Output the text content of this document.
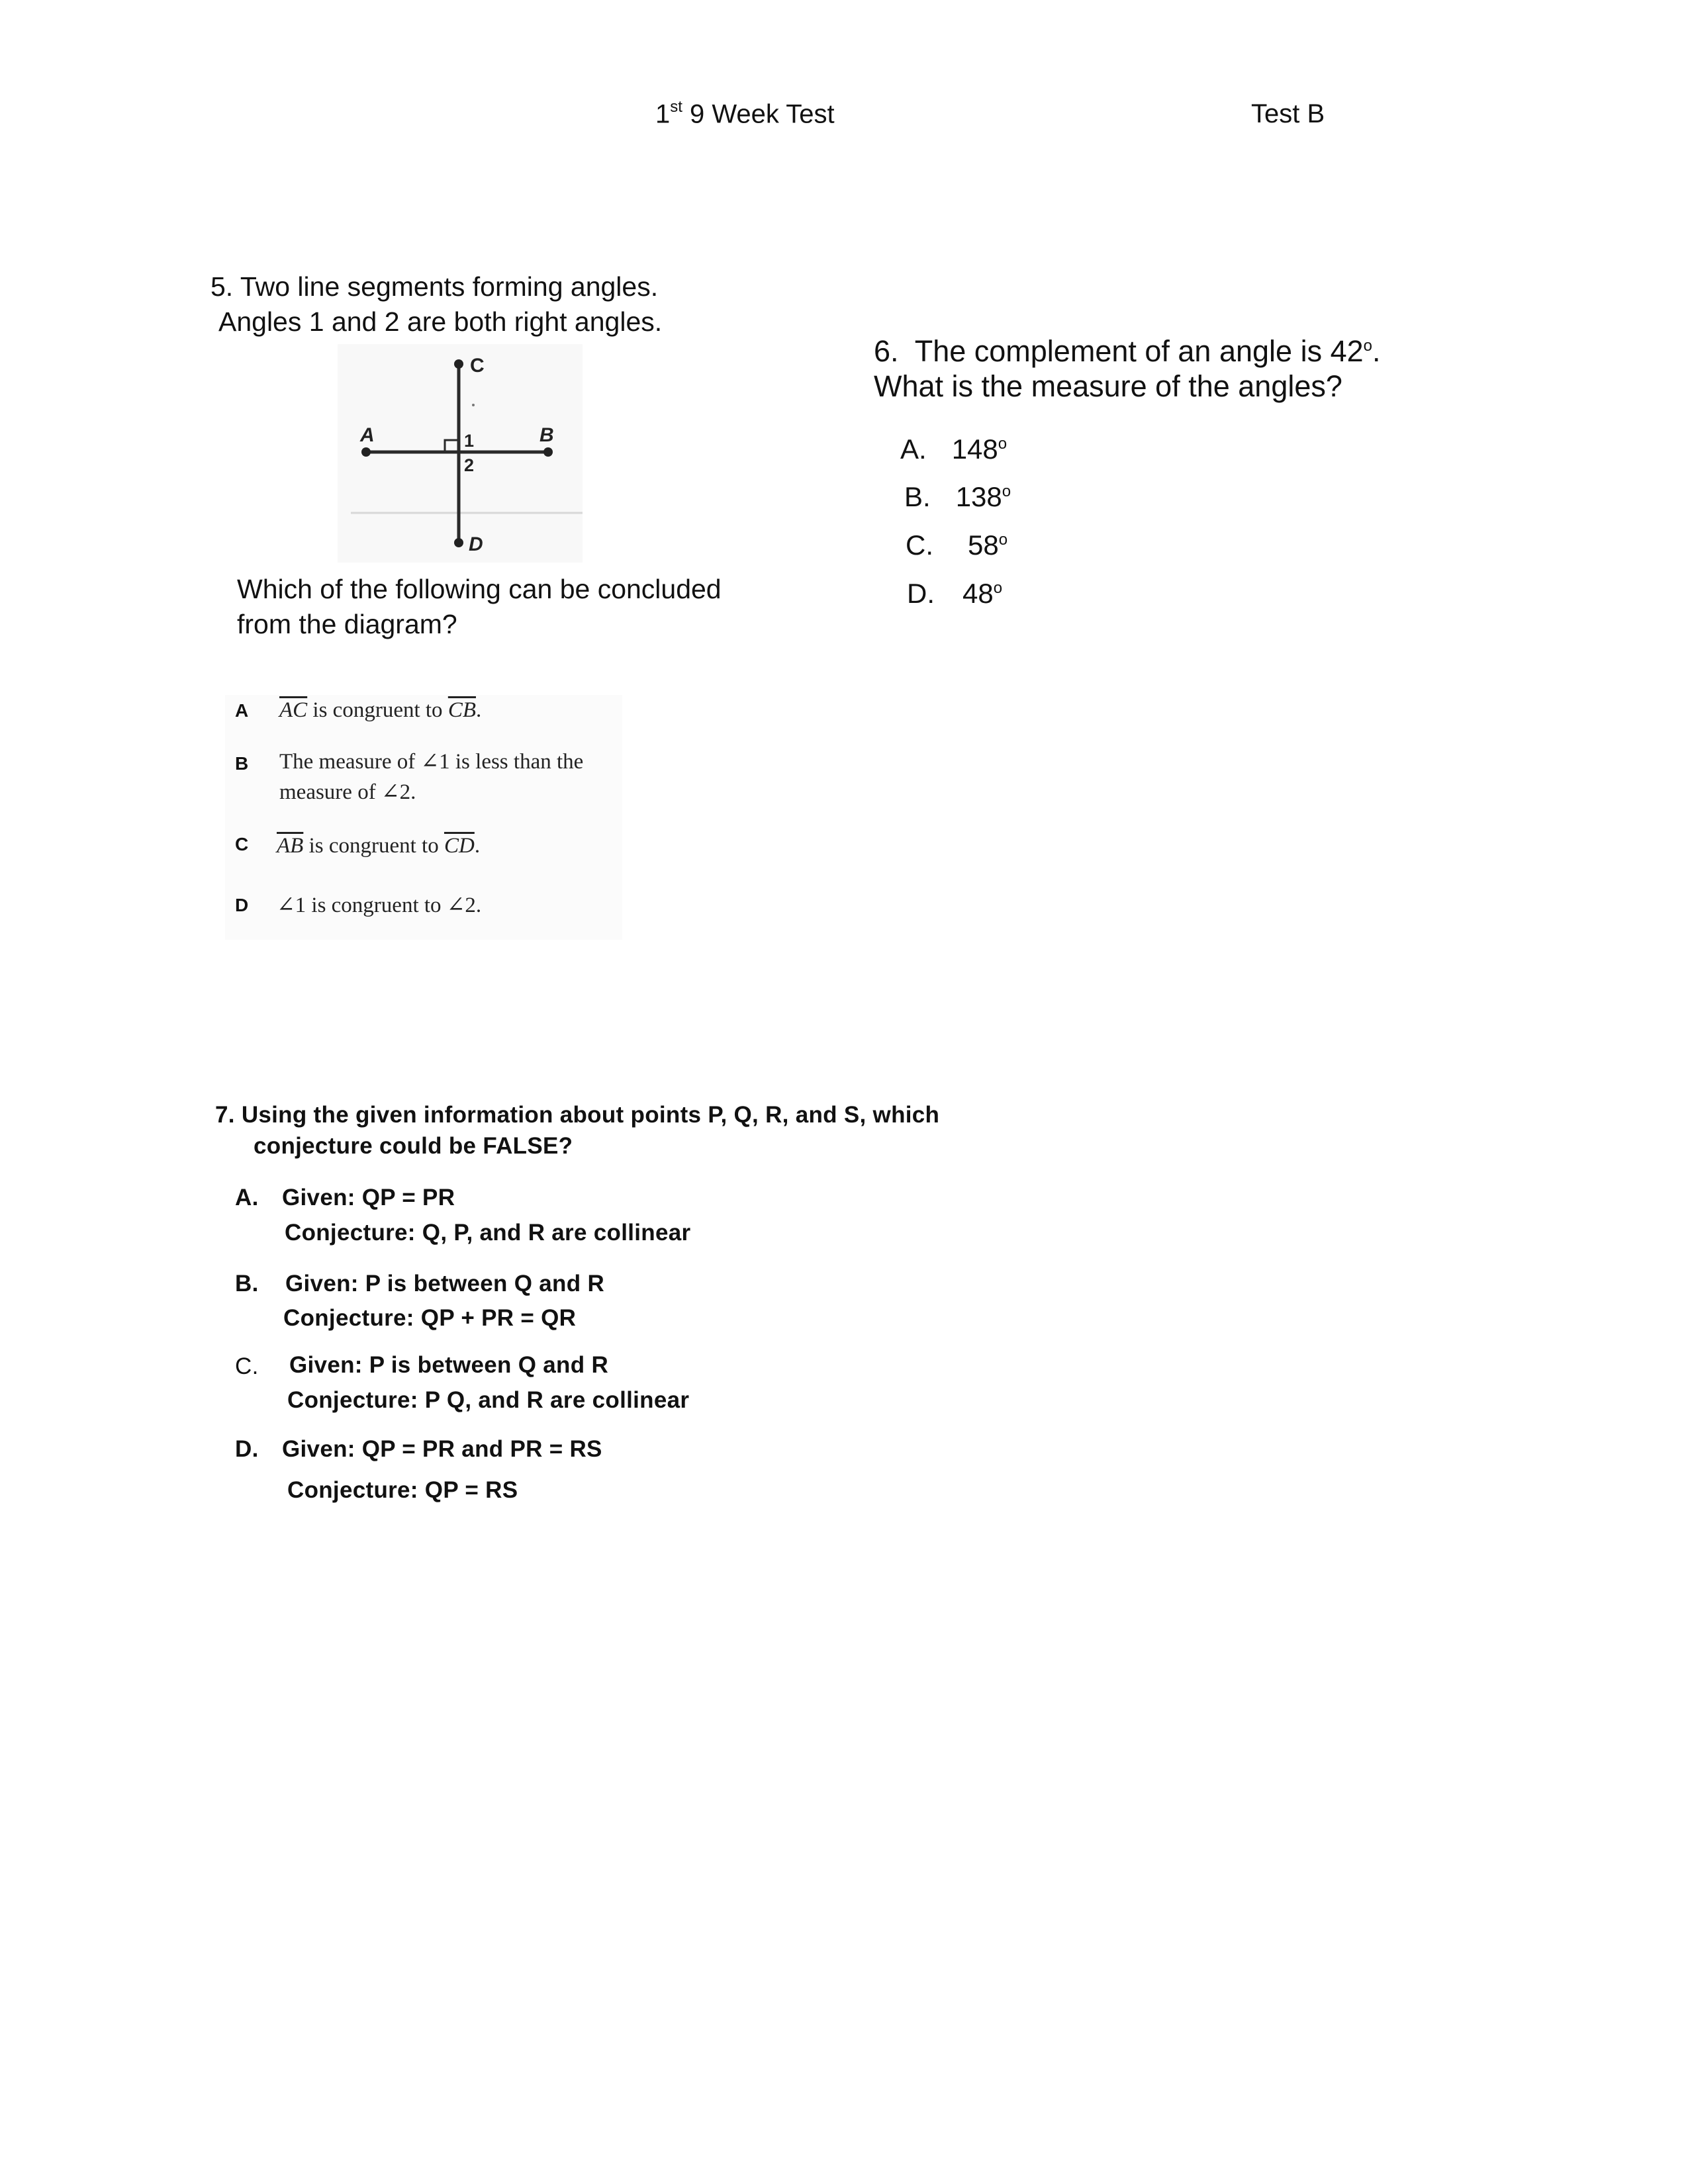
1st 9 Week Test	Test B
5. Two line segments forming angles.
Angles 1 and 2 are both right angles.
C
A	B
D
1
2
Which of the following can be concluded
from the diagram?
A $\overline{AC}$ is congruent to $\overline{CB}$.
B The measure of ∠1 is less than the
measure of ∠2.
C $\overline{AB}$ is congruent to $\overline{CD}$.
D ∠1 is congruent to ∠2.
6.  The complement of an angle is 42$^o$.
What is the measure of the angles?
A. 148$^o$
B. 138$^o$
C. 58$^o$
D. 48$^o$
7. Using the given information about points P, Q, R, and S, which
conjecture could be FALSE?
A. Given: QP = PR
Conjecture: Q, P, and R are collinear
B. Given: P is between Q and R
Conjecture: QP + PR = QR
C. Given: P is between Q and R
Conjecture: P Q, and R are collinear
D. Given: QP = PR and PR = RS
Conjecture: QP = RS
